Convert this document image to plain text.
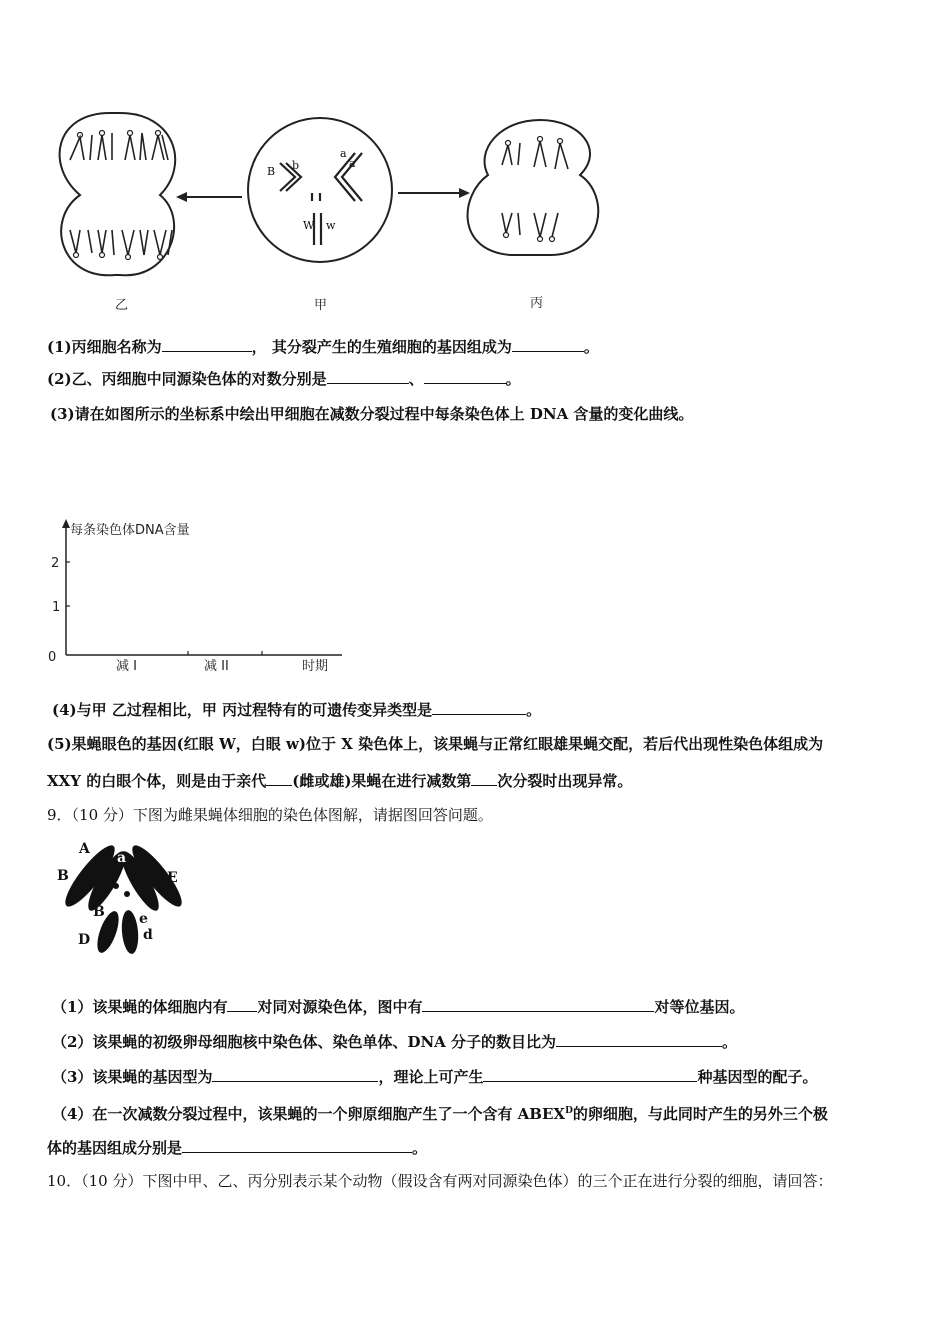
B b
a
a
W w
乙	甲	丙
(1)丙细胞名称为	， 其分裂产生的生殖细胞的基因组成为	。
(2)乙、丙细胞中同源染色体的对数分别是	、	。
(3)请在如图所示的坐标系中绘出甲细胞在减数分裂过程中每条染色体上 DNA 含量的变化曲线。
每条染色体DNA含量
2
1
0
减 I	减 II	时期
(4)与甲 乙过程相比，甲 丙过程特有的可遗传变异类型是	。
(5)果蝇眼色的基因(红眼 W，白眼 w)位于 X 染色体上，该果蝇与正常红眼雄果蝇交配，若后代出现性染色体组成为
XXY 的白眼个体，则是由于亲代 (雌或雄)果蝇在进行减数第 次分裂时出现异常。
9．（10 分）下图为雌果蝇体细胞的染色体图解，请据图回答问题。
A
a
B	E
B e
D	d
（1）该果蝇的体细胞内有 对同对源染色体，图中有	对等位基因。
（2）该果蝇的初级卵母细胞核中染色体、染色单体、DNA 分子的数目比为	。
（3）该果蝇的基因型为	，理论上可产生	种基因型的配子。
（4）在一次减数分裂过程中，该果蝇的一个卵原细胞产生了一个含有 $ABEX^D$的卵细胞，与此同时产生的另外三个极
体的基因组成分别是	。
10．（10 分）下图中甲、乙、丙分别表示某个动物（假设含有两对同源染色体）的三个正在进行分裂的细胞，请回答：
